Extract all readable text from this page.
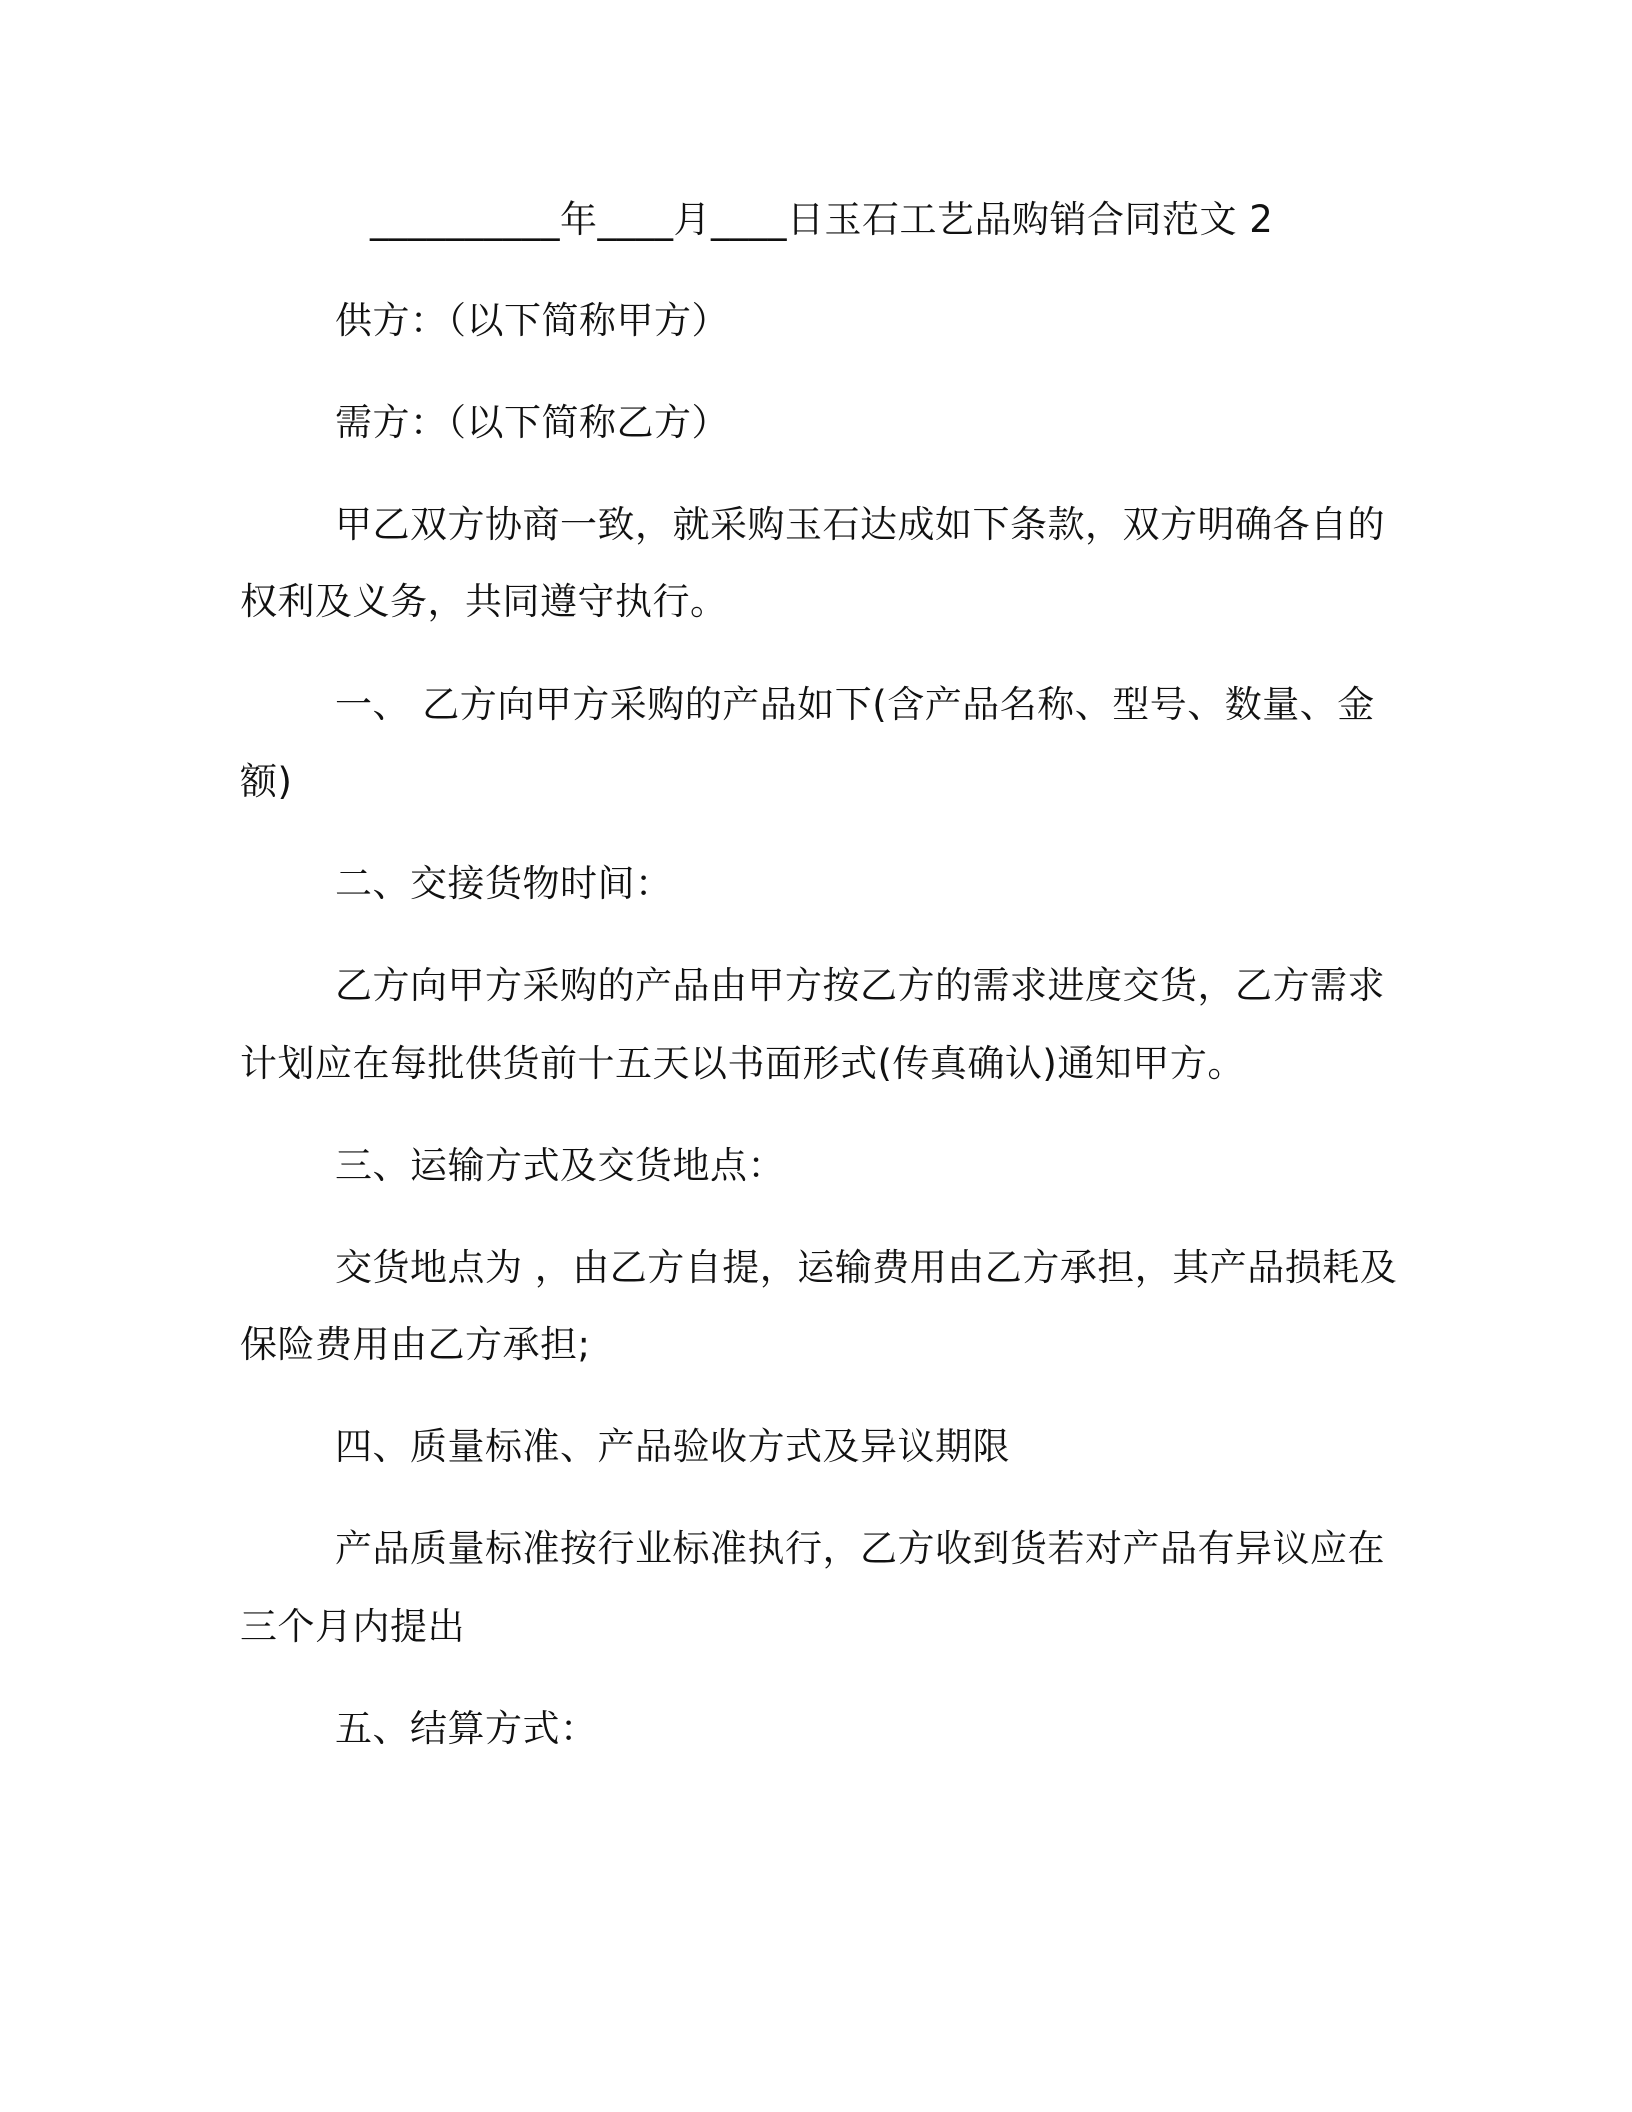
__________年____月____日玉石工艺品购销合同范文 2
供方：（以下简称甲方）
需方：（以下简称乙方）
甲乙双方协商一致，就采购玉石达成如下条款，双方明确各自的
权利及义务，共同遵守执行。
一、 乙方向甲方采购的产品如下(含产品名称、型号、数量、金
额)
二、交接货物时间：
乙方向甲方采购的产品由甲方按乙方的需求进度交货，乙方需求
计划应在每批供货前十五天以书面形式(传真确认)通知甲方。
三、运输方式及交货地点：
交货地点为 ，由乙方自提，运输费用由乙方承担，其产品损耗及
保险费用由乙方承担;
四、质量标准、产品验收方式及异议期限
产品质量标准按行业标准执行，乙方收到货若对产品有异议应在
三个月内提出
五、结算方式：
